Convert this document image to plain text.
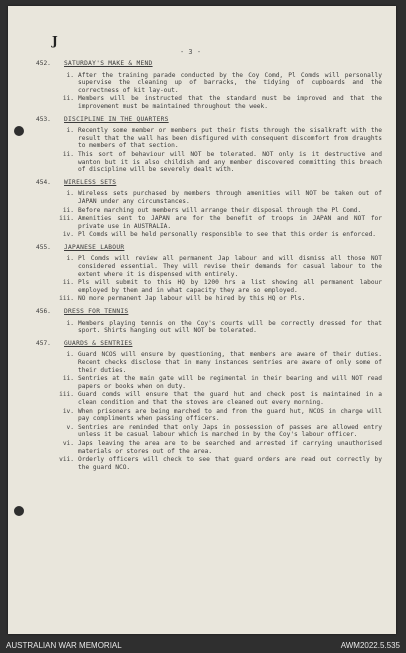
J
- 3 -
452.	SATURDAY'S MAKE & MEND
i. After the training parade conducted by the Coy Comd, Pl Comds will personally supervise the cleaning up of barracks, the tidying of cupboards and the correctness of kit lay-out.
ii. Members will be instructed that the standard must be improved and that the improvement must be maintained throughout the week.
453.	DISCIPLINE IN THE QUARTERS
i. Recently some member or members put their fists through the sisalkraft with the result that the wall has been disfigured with consequent discomfort from draughts to members of that section.
ii. This sort of behaviour will NOT be tolerated. NOT only is it destructive and wanton but it is also childish and any member discovered committing this breach of discipline will be severely dealt with.
454.	WIRELESS SETS
i. Wireless sets purchased by members through amenities will NOT be taken out of JAPAN under any circumstances.
ii. Before marching out members will arrange their disposal through the Pl Comd.
iii. Amenities sent to JAPAN are for the benefit of troops in JAPAN and NOT for private use in AUSTRALIA.
iv. Pl Comds will be held personally responsible to see that this order is enforced.
455.	JAPANESE LABOUR
i. Pl Comds will review all permanent Jap labour and will dismiss all those NOT considered essential. They will revise their demands for casual labour to the extent where it is dispensed with entirely.
ii. Pls will submit to this HQ by 1200 hrs a list showing all permanent labour employed by them and in what capacity they are so employed.
iii. NO more permanent Jap labour will be hired by this HQ or Pls.
456.	DRESS FOR TENNIS
i. Members playing tennis on the Coy's courts will be correctly dressed for that sport. Shirts hanging out will NOT be tolerated.
457.	GUARDS & SENTRIES
i. Guard NCOS will ensure by questioning, that members are aware of their duties. Recent checks disclose that in many instances sentries are aware of only some of their duties.
ii. Sentries at the main gate will be regimental in their bearing and will NOT read papers or books when on duty.
iii. Guard comds will ensure that the guard hut and check post is maintained in a clean condition and that the stoves are cleaned out every morning.
iv. When prisoners are being marched to and from the guard hut, NCOS in charge will pay compliments when passing officers.
v. Sentries are reminded that only Japs in possession of passes are allowed entry unless it be casual labour which is marched in by the Coy's labour officer.
vi. Japs leaving the area are to be searched and arrested if carrying unauthorised materials or stores out of the area.
vii. Orderly officers will check to see that guard orders are read out correctly by the guard NCO.
AUSTRALIAN WAR MEMORIAL	AWM2022.5.535
